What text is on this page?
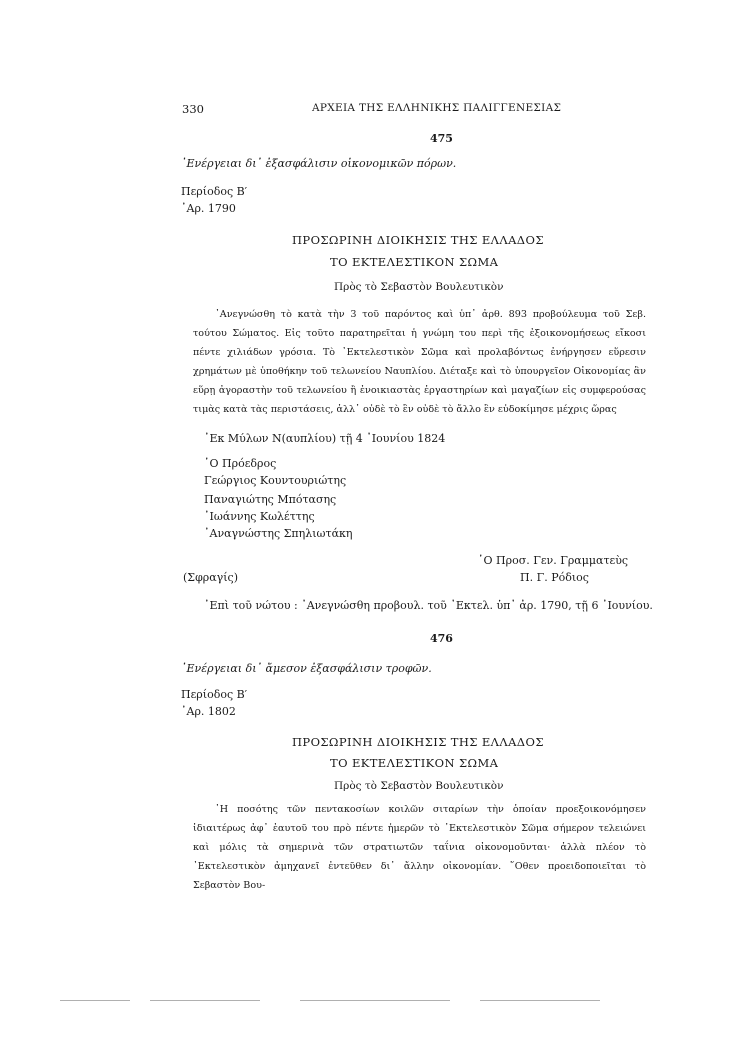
330	ΑΡΧΕΙΑ ΤΗΣ ΕΛΛΗΝΙΚΗΣ ΠΑΛΙΓΓΕΝΕΣΙΑΣ
475
᾿Ενέργειαι δι᾿ ἐξασφάλισιν οἰκονομικῶν πόρων.
Περίοδος Β′
᾿Αρ. 1790
ΠΡΟΣΩΡΙΝΗ ΔΙΟΙΚΗΣΙΣ ΤΗΣ ΕΛΛΑΔΟΣ
ΤΟ ΕΚΤΕΛΕΣΤΙΚΟΝ ΣΩΜΑ
Πρὸς τὸ Σεβαστὸν Βουλευτικὸν
᾿Ανεγνώσθη τὸ κατὰ τὴν 3 τοῦ παρόντος καὶ ὑπ᾿ ἀρθ. 893 προβούλευμα τοῦ Σεβ. τούτου Σώματος. Εἰς τοῦτο παρατηρεῖται ἡ γνώμη του περὶ τῆς ἐξοικονομήσεως εἴκοσι πέντε χιλιάδων γρόσια. Τὸ ᾿Εκτελεστικὸν Σῶμα καὶ προλαβόντως ἐνήργησεν εὕρεσιν χρημάτων μὲ ὑποθήκην τοῦ τελωνείου Ναυπλίου. Διέταξε καὶ τὸ ὑπουργεῖον Οἰκονομίας ἂν εὕρῃ ἀγοραστὴν τοῦ τελωνείου ἢ ἐνοικιαστὰς ἐργαστηρίων καὶ μαγαζίων εἰς συμφερούσας τιμὰς κατὰ τὰς περιστάσεις, ἀλλ᾿ οὐδὲ τὸ ἓν οὐδὲ τὸ ἄλλο ἓν εὐδοκίμησε μέχρις ὥρας
᾿Εκ Μύλων Ν(αυπλίου) τῇ 4 ᾿Ιουνίου 1824
῾Ο Πρόεδρος
Γεώργιος Κουντουριώτης
Παναγιώτης Μπότασης
᾿Ιωάννης Κωλέττης
᾿Αναγνώστης Σπηλιωτάκη
῾Ο Προσ. Γεν. Γραμματεὺς
(Σφραγίς)	Π. Γ. Ρόδιος
᾿Επὶ τοῦ νώτου : ᾿Ανεγνώσθη προβουλ. τοῦ ᾿Εκτελ. ὑπ᾿ ἀρ. 1790, τῇ 6 ᾿Ιουνίου.
476
᾿Ενέργειαι δι᾿ ἄμεσον ἐξασφάλισιν τροφῶν.
Περίοδος Β′
᾿Αρ. 1802
ΠΡΟΣΩΡΙΝΗ ΔΙΟΙΚΗΣΙΣ ΤΗΣ ΕΛΛΑΔΟΣ
ΤΟ ΕΚΤΕΛΕΣΤΙΚΟΝ ΣΩΜΑ
Πρὸς τὸ Σεβαστὸν Βουλευτικὸν
῾Η ποσότης τῶν πεντακοσίων κοιλῶν σιταρίων τὴν ὁποίαν προεξοικονόμησεν ἰδιαιτέρως ἀφ᾿ ἑαυτοῦ του πρὸ πέντε ἡμερῶν τὸ ᾿Εκτελεστικὸν Σῶμα σήμερον τελειώνει καὶ μόλις τὰ σημερινὰ τῶν στρατιωτῶν ταΐνια οἰκονομοῦνται· ἀλλὰ πλέον τὸ ᾿Εκτελεστικὸν ἀμηχανεῖ ἐντεῦθεν δι᾿ ἄλλην οἰκονομίαν. ῞Οθεν προειδοποιεῖται τὸ Σεβαστὸν Βου-
